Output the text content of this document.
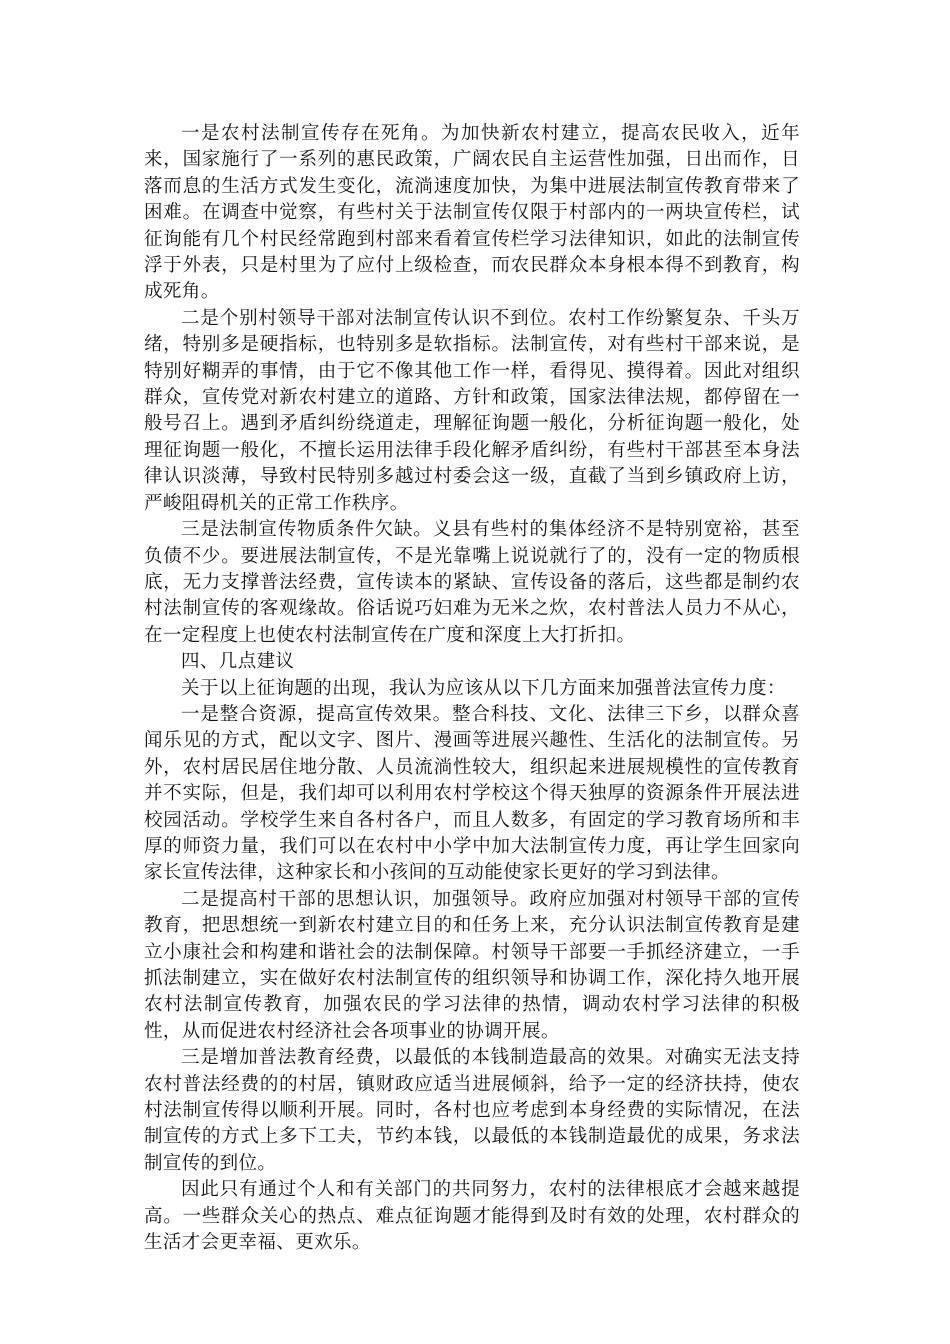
一是农村法制宣传存在死角。为加快新农村建立，提高农民收入，近年来，国家施行了一系列的惠民政策，广阔农民自主运营性加强，日出而作，日落而息的生活方式发生变化，流淌速度加快，为集中进展法制宣传教育带来了困难。在调查中觉察，有些村关于法制宣传仅限于村部内的一两块宣传栏，试征询能有几个村民经常跑到村部来看着宣传栏学习法律知识，如此的法制宣传浮于外表，只是村里为了应付上级检查，而农民群众本身根本得不到教育，构成死角。

二是个别村领导干部对法制宣传认识不到位。农村工作纷繁复杂、千头万绪，特别多是硬指标，也特别多是软指标。法制宣传，对有些村干部来说，是特别好糊弄的事情，由于它不像其他工作一样，看得见、摸得着。因此对组织群众，宣传党对新农村建立的道路、方针和政策，国家法律法规，都停留在一般号召上。遇到矛盾纠纷绕道走，理解征询题一般化，分析征询题一般化，处理征询题一般化，不擅长运用法律手段化解矛盾纠纷，有些村干部甚至本身法律认识淡薄，导致村民特别多越过村委会这一级，直截了当到乡镇政府上访，严峻阻碍机关的正常工作秩序。

三是法制宣传物质条件欠缺。义县有些村的集体经济不是特别宽裕，甚至负债不少。要进展法制宣传，不是光靠嘴上说说就行了的，没有一定的物质根底，无力支撑普法经费，宣传读本的紧缺、宣传设备的落后，这些都是制约农村法制宣传的客观缘故。俗话说巧妇难为无米之炊，农村普法人员力不从心，在一定程度上也使农村法制宣传在广度和深度上大打折扣。

四、几点建议

关于以上征询题的出现，我认为应该从以下几方面来加强普法宣传力度：

一是整合资源，提高宣传效果。整合科技、文化、法律三下乡，以群众喜闻乐见的方式，配以文字、图片、漫画等进展兴趣性、生活化的法制宣传。另外，农村居民居住地分散、人员流淌性较大，组织起来进展规模性的宣传教育并不实际，但是，我们却可以利用农村学校这个得天独厚的资源条件开展法进校园活动。学校学生来自各村各户，而且人数多，有固定的学习教育场所和丰厚的师资力量，我们可以在农村中小学中加大法制宣传力度，再让学生回家向家长宣传法律，这种家长和小孩间的互动能使家长更好的学习到法律。

二是提高村干部的思想认识，加强领导。政府应加强对村领导干部的宣传教育，把思想统一到新农村建立目的和任务上来，充分认识法制宣传教育是建立小康社会和构建和谐社会的法制保障。村领导干部要一手抓经济建立，一手抓法制建立，实在做好农村法制宣传的组织领导和协调工作，深化持久地开展农村法制宣传教育，加强农民的学习法律的热情，调动农村学习法律的积极性，从而促进农村经济社会各项事业的协调开展。

三是增加普法教育经费，以最低的本钱制造最高的效果。对确实无法支持农村普法经费的的村居，镇财政应适当进展倾斜，给予一定的经济扶持，使农村法制宣传得以顺利开展。同时，各村也应考虑到本身经费的实际情况，在法制宣传的方式上多下工夫，节约本钱，以最低的本钱制造最优的成果，务求法制宣传的到位。

因此只有通过个人和有关部门的共同努力，农村的法律根底才会越来越提高。一些群众关心的热点、难点征询题才能得到及时有效的处理，农村群众的生活才会更幸福、更欢乐。
